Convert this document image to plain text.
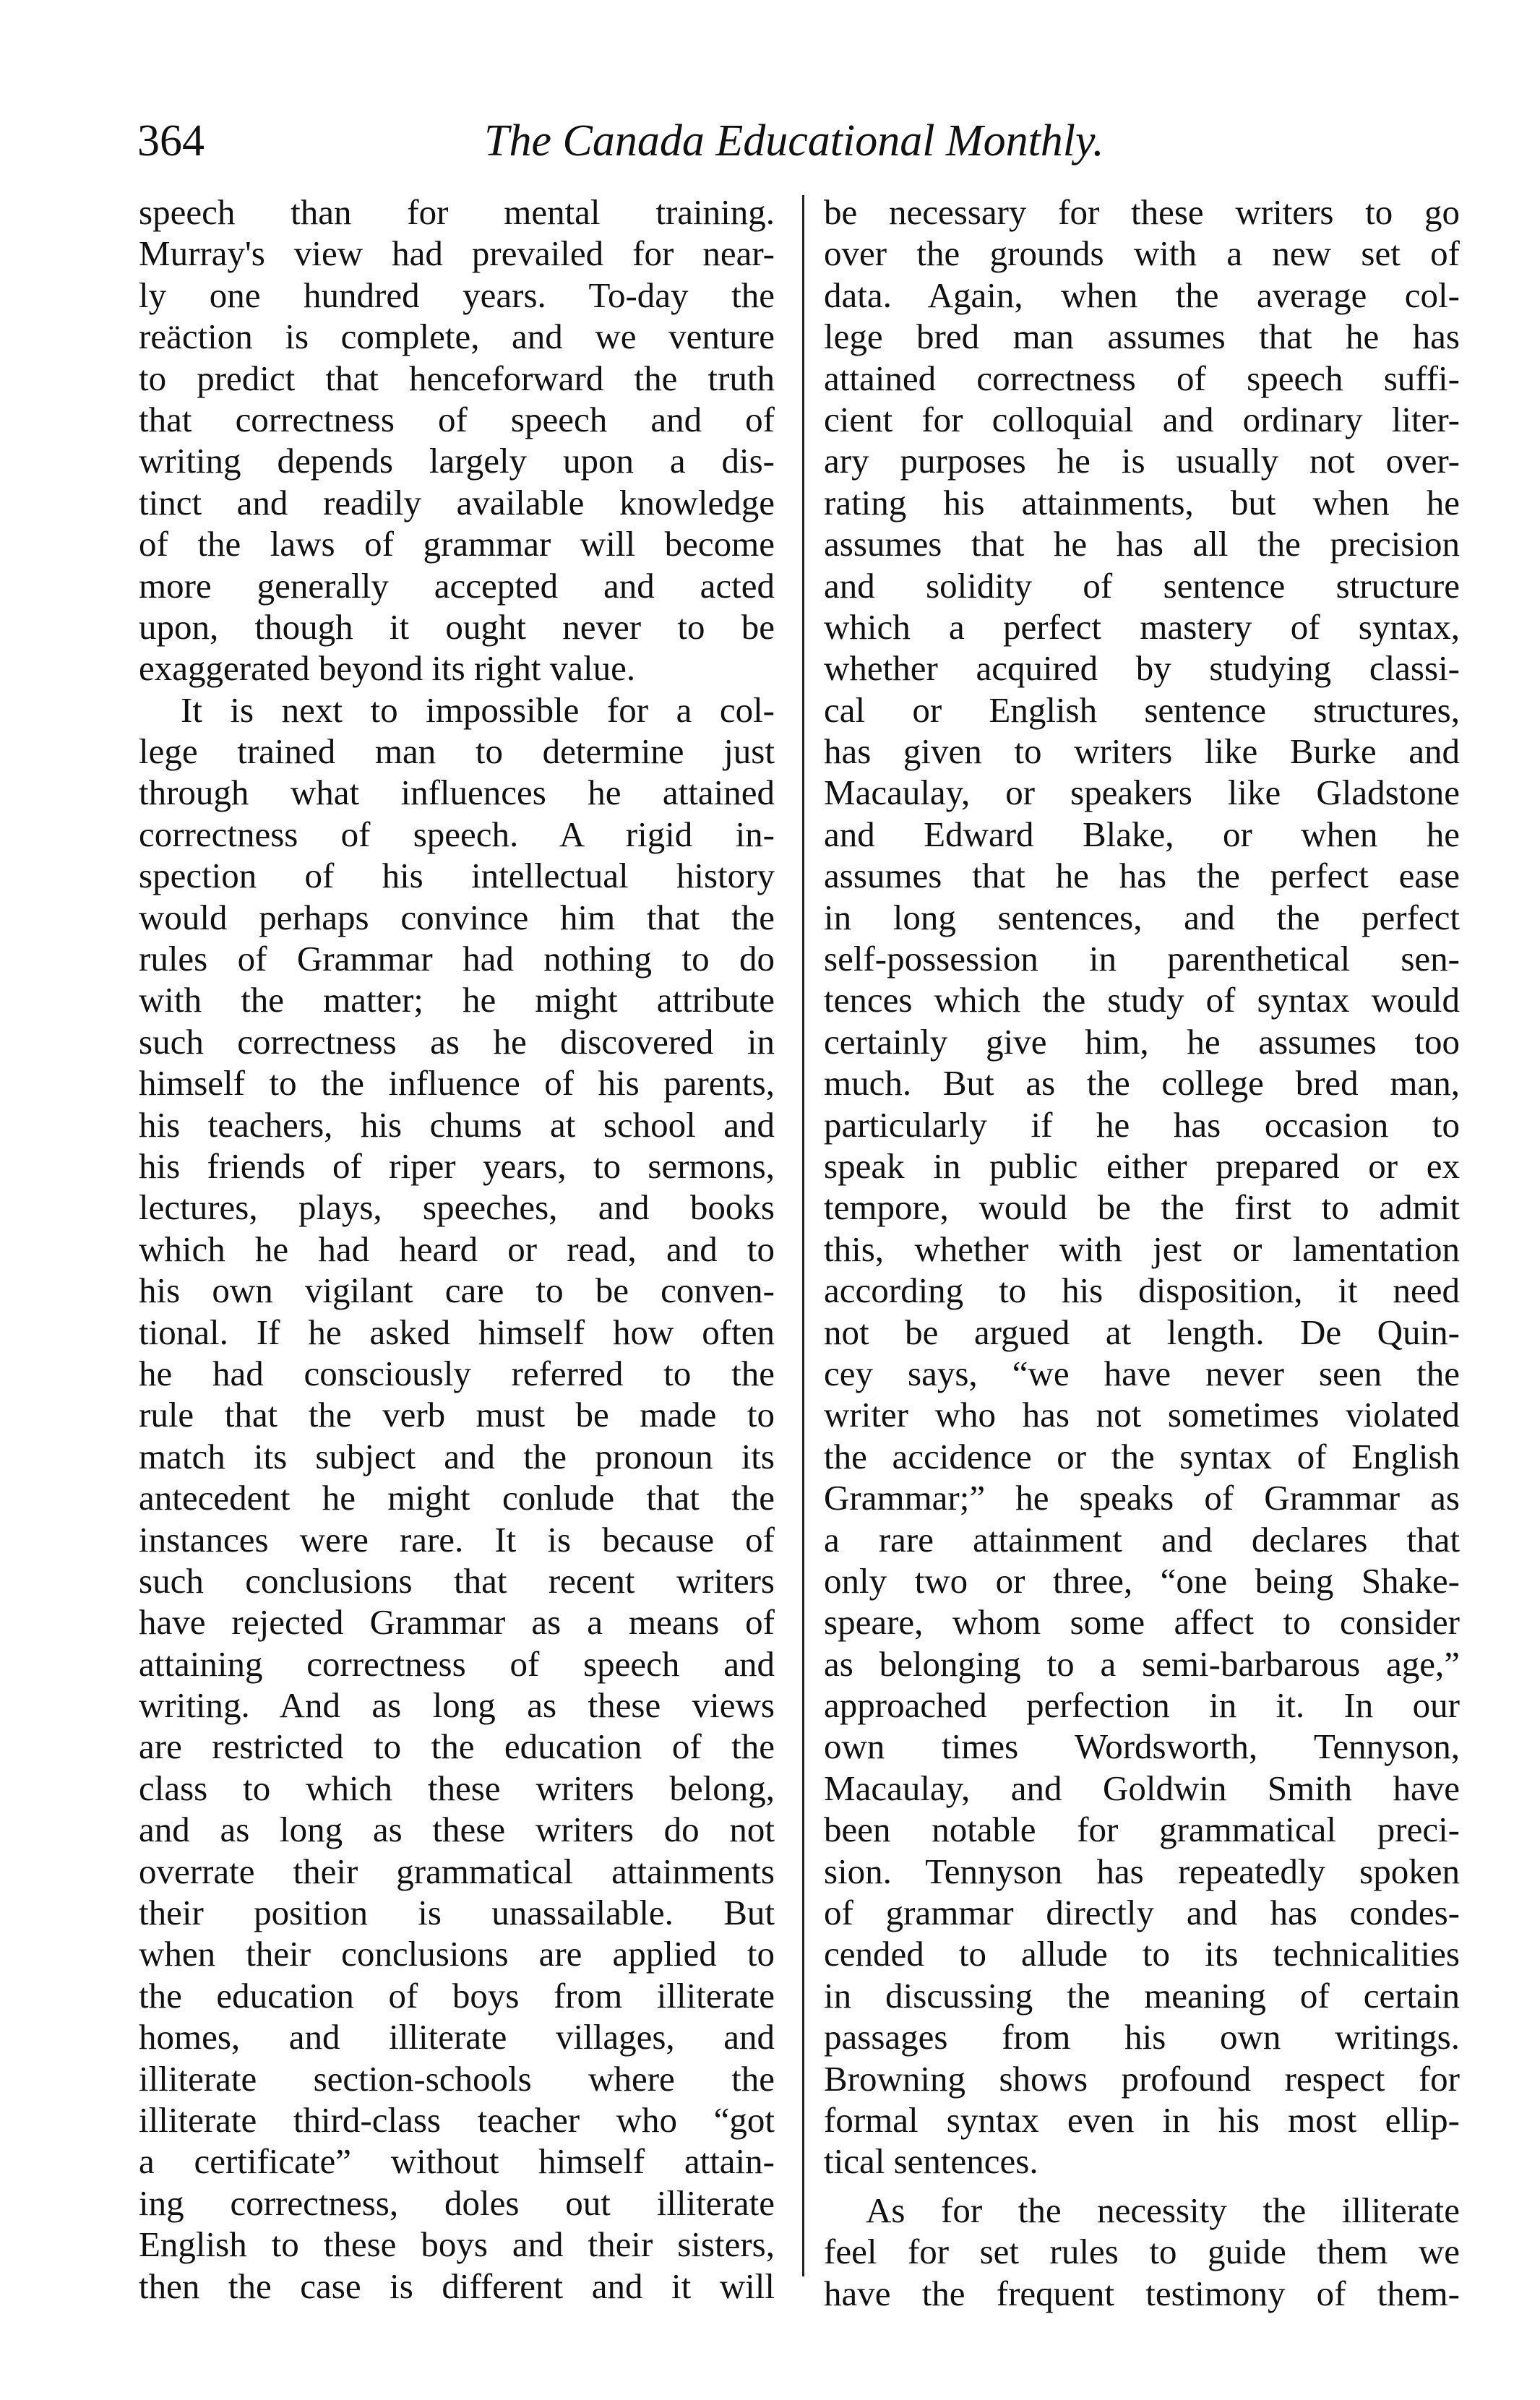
364	The Canada Educational Monthly.
speech than for mental training.
Murray's view had prevailed for near-
ly one hundred years. To-day the
reäction is complete, and we venture
to predict that henceforward the truth
that correctness of speech and of
writing depends largely upon a dis-
tinct and readily available knowledge
of the laws of grammar will become
more generally accepted and acted
upon, though it ought never to be
exaggerated beyond its right value.
It is next to impossible for a col-
lege trained man to determine just
through what influences he attained
correctness of speech. A rigid in-
spection of his intellectual history
would perhaps convince him that the
rules of Grammar had nothing to do
with the matter; he might attribute
such correctness as he discovered in
himself to the influence of his parents,
his teachers, his chums at school and
his friends of riper years, to sermons,
lectures, plays, speeches, and books
which he had heard or read, and to
his own vigilant care to be conven-
tional. If he asked himself how often
he had consciously referred to the
rule that the verb must be made to
match its subject and the pronoun its
antecedent he might conlude that the
instances were rare. It is because of
such conclusions that recent writers
have rejected Grammar as a means of
attaining correctness of speech and
writing. And as long as these views
are restricted to the education of the
class to which these writers belong,
and as long as these writers do not
overrate their grammatical attainments
their position is unassailable. But
when their conclusions are applied to
the education of boys from illiterate
homes, and illiterate villages, and
illiterate section-schools where the
illiterate third-class teacher who “got
a certificate” without himself attain-
ing correctness, doles out illiterate
English to these boys and their sisters,
then the case is different and it will
be necessary for these writers to go
over the grounds with a new set of
data. Again, when the average col-
lege bred man assumes that he has
attained correctness of speech suffi-
cient for colloquial and ordinary liter-
ary purposes he is usually not over-
rating his attainments, but when he
assumes that he has all the precision
and solidity of sentence structure
which a perfect mastery of syntax,
whether acquired by studying classi-
cal or English sentence structures,
has given to writers like Burke and
Macaulay, or speakers like Gladstone
and Edward Blake, or when he
assumes that he has the perfect ease
in long sentences, and the perfect
self-possession in parenthetical sen-
tences which the study of syntax would
certainly give him, he assumes too
much. But as the college bred man,
particularly if he has occasion to
speak in public either prepared or ex
tempore, would be the first to admit
this, whether with jest or lamentation
according to his disposition, it need
not be argued at length. De Quin-
cey says, “we have never seen the
writer who has not sometimes violated
the accidence or the syntax of English
Grammar;” he speaks of Grammar as
a rare attainment and declares that
only two or three, “one being Shake-
speare, whom some affect to consider
as belonging to a semi-barbarous age,”
approached perfection in it. In our
own times Wordsworth, Tennyson,
Macaulay, and Goldwin Smith have
been notable for grammatical preci-
sion. Tennyson has repeatedly spoken
of grammar directly and has condes-
cended to allude to its technicalities
in discussing the meaning of certain
passages from his own writings.
Browning shows profound respect for
formal syntax even in his most ellip-
tical sentences.
As for the necessity the illiterate
feel for set rules to guide them we
have the frequent testimony of them-
